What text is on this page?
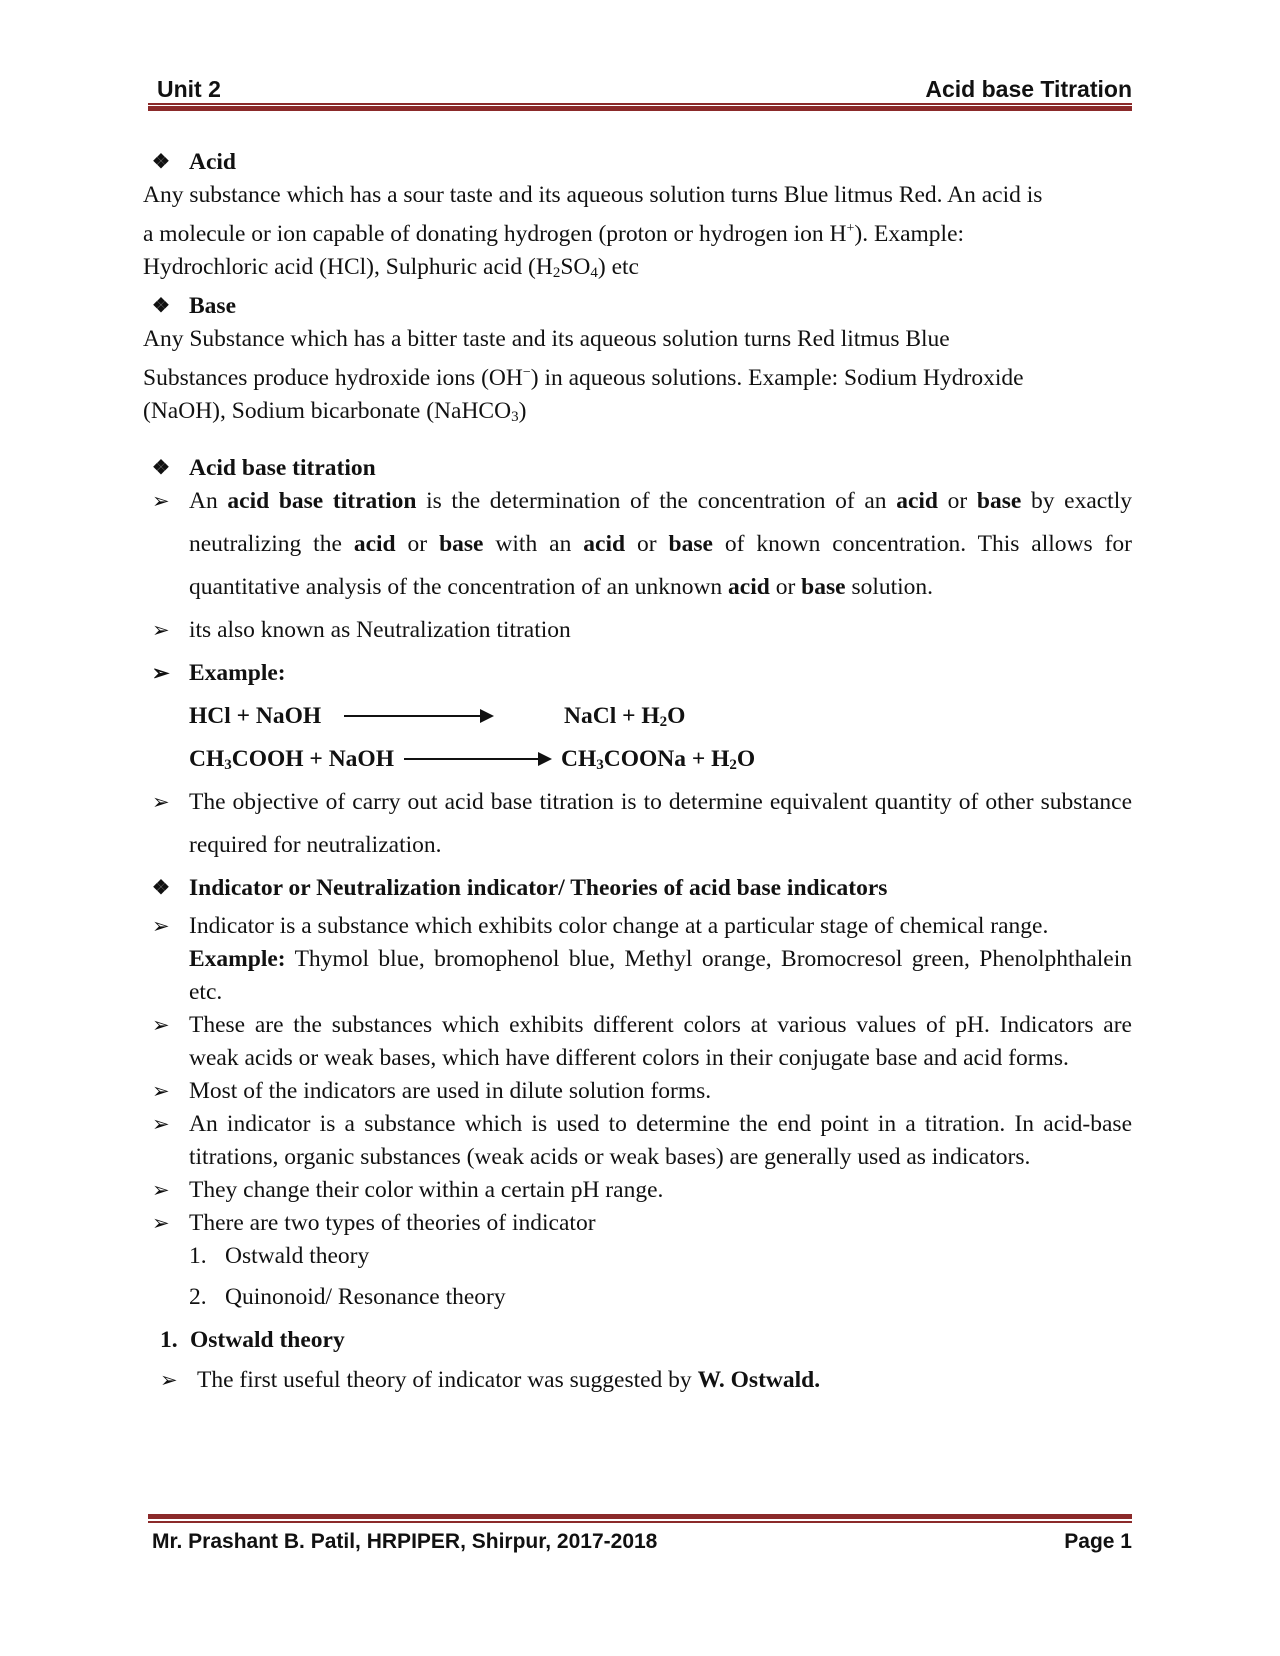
Unit 2	Acid base Titration

❖ Acid

Any substance which has a sour taste and its aqueous solution turns Blue litmus Red. An acid is
a molecule or ion capable of donating hydrogen (proton or hydrogen ion H+). Example:
Hydrochloric acid (HCl), Sulphuric acid $(H_2SO_4)$ etc

❖ Base

Any Substance which has a bitter taste and its aqueous solution turns Red litmus Blue
Substances produce hydroxide ions (OH−) in aqueous solutions. Example: Sodium Hydroxide
(NaOH), Sodium bicarbonate (NaHCO$_3$)

❖ Acid base titration

➢ An acid base titration is the determination of the concentration of an acid or base by exactly neutralizing the acid or base with an acid or base of known concentration. This allows for quantitative analysis of the concentration of an unknown acid or base solution.

➢ its also known as Neutralization titration

➢ Example:

HCl + NaOH	NaCl + $H_2O$
$CH_3COOH$ + NaOH	$CH_3COONa + H_2O$

➢ The objective of carry out acid base titration is to determine equivalent quantity of other substance required for neutralization.

❖ Indicator or Neutralization indicator/ Theories of acid base indicators

➢ Indicator is a substance which exhibits color change at a particular stage of chemical range.
Example: Thymol blue, bromophenol blue, Methyl orange, Bromocresol green, Phenolphthalein etc.

➢ These are the substances which exhibits different colors at various values of pH. Indicators are weak acids or weak bases, which have different colors in their conjugate base and acid forms.

➢ Most of the indicators are used in dilute solution forms.

➢ An indicator is a substance which is used to determine the end point in a titration. In acid-base titrations, organic substances (weak acids or weak bases) are generally used as indicators.

➢ They change their color within a certain pH range.

➢ There are two types of theories of indicator

1. Ostwald theory

2. Quinonoid/ Resonance theory

1. Ostwald theory

➢ The first useful theory of indicator was suggested by W. Ostwald.

Mr. Prashant B. Patil, HRPIPER, Shirpur, 2017-2018	Page 1
